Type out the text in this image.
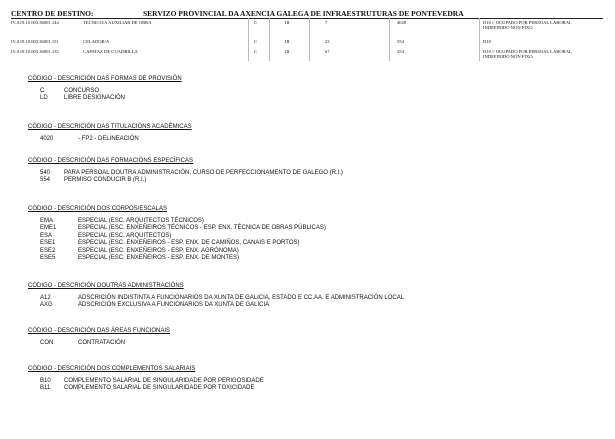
CENTRO DE DESTINO:	SERVIZO PROVINCIAL DA AXENCIA GALEGA DE INFRAESTRUTURAS DE PONTEVEDRA
IV.A19.10.003.36001.144	TECNICO/A AUXILIAR DE OBRA	C	III	7	4020	D10 // OCUPADO POR PERSOAL LABORAL
INDEFINIDO NON FIXO.
IV.A19.10.003.36001.151	CELADOR/A	C	III	23	554	D10
IV.A19.10.003.36001.135	CAPATAZ DE CUADRILLA	C	III	67	554	D10 // OCUPADO POR PERSOAL LABORAL
INDEFINIDO NON FIXO.
CÓDIGO - DESCRICIÓN DAS FORMAS DE PROVISIÓN
C	CONCURSO
LD	LIBRE DESIGNACIÓN
CÓDIGO - DESCRICIÓN DAS TITULACIÓNS ACADÉMICAS
4020	- FP2 - DELINEACIÓN
CÓDIGO - DESCRICIÓN DAS FORMACIÓNS ESPECÍFICAS
540 PARA PERSOAL DOUTRA ADMINISTRACIÓN, CURSO DE PERFECCIONAMENTO DE GALEGO (R.I.)
554 PERMISO CONDUCIR B (R.I.)
CÓDIGO - DESCRICIÓN DOS CORPOS/ESCALAS
EMA	ESPECIAL (ESC. ARQUITECTOS TÉCNICOS)
EME1	ESPECIAL (ESC. ENXEÑEIROS TÉCNICOS - ESP. ENX. TÉCNICA DE OBRAS PÚBLICAS)
ESA	ESPECIAL (ESC. ARQUITECTOS)
ESE1	ESPECIAL (ESC. ENXEÑEIROS - ESP. ENX. DE CAMIÑOS, CANAIS E PORTOS)
ESE2	ESPECIAL (ESC. ENXEÑEIROS - ESP. ENX. AGRÓNOMA)
ESE5	ESPECIAL (ESC. ENXEÑEIROS - ESP. ENX. DE MONTES)
CÓDIGO - DESCRICIÓN DOUTRAS ADMINISTRACIÓNS
A12	ADSCRICIÓN INDISTINTA A FUNCIONARIOS DA XUNTA DE GALICIA, ESTADO E CC.AA. E ADMINISTRACIÓN LOCAL
AXG	ADSCRICIÓN EXCLUSIVA A FUNCIONARIOS DA XUNTA DE GALICIA
CÓDIGO - DESCRICIÓN DAS ÁREAS FUNCIONAIS
CON	CONTRATACIÓN
CÓDIGO - DESCRICIÓN DOS COMPLEMENTOS SALARIAIS
B10 COMPLEMENTO SALARIAL DE SINGULARIDADE POR PERIGOSIDADE
B11 COMPLEMENTO SALARIAL DE SINGULARIDADE POR TOXICIDADE
